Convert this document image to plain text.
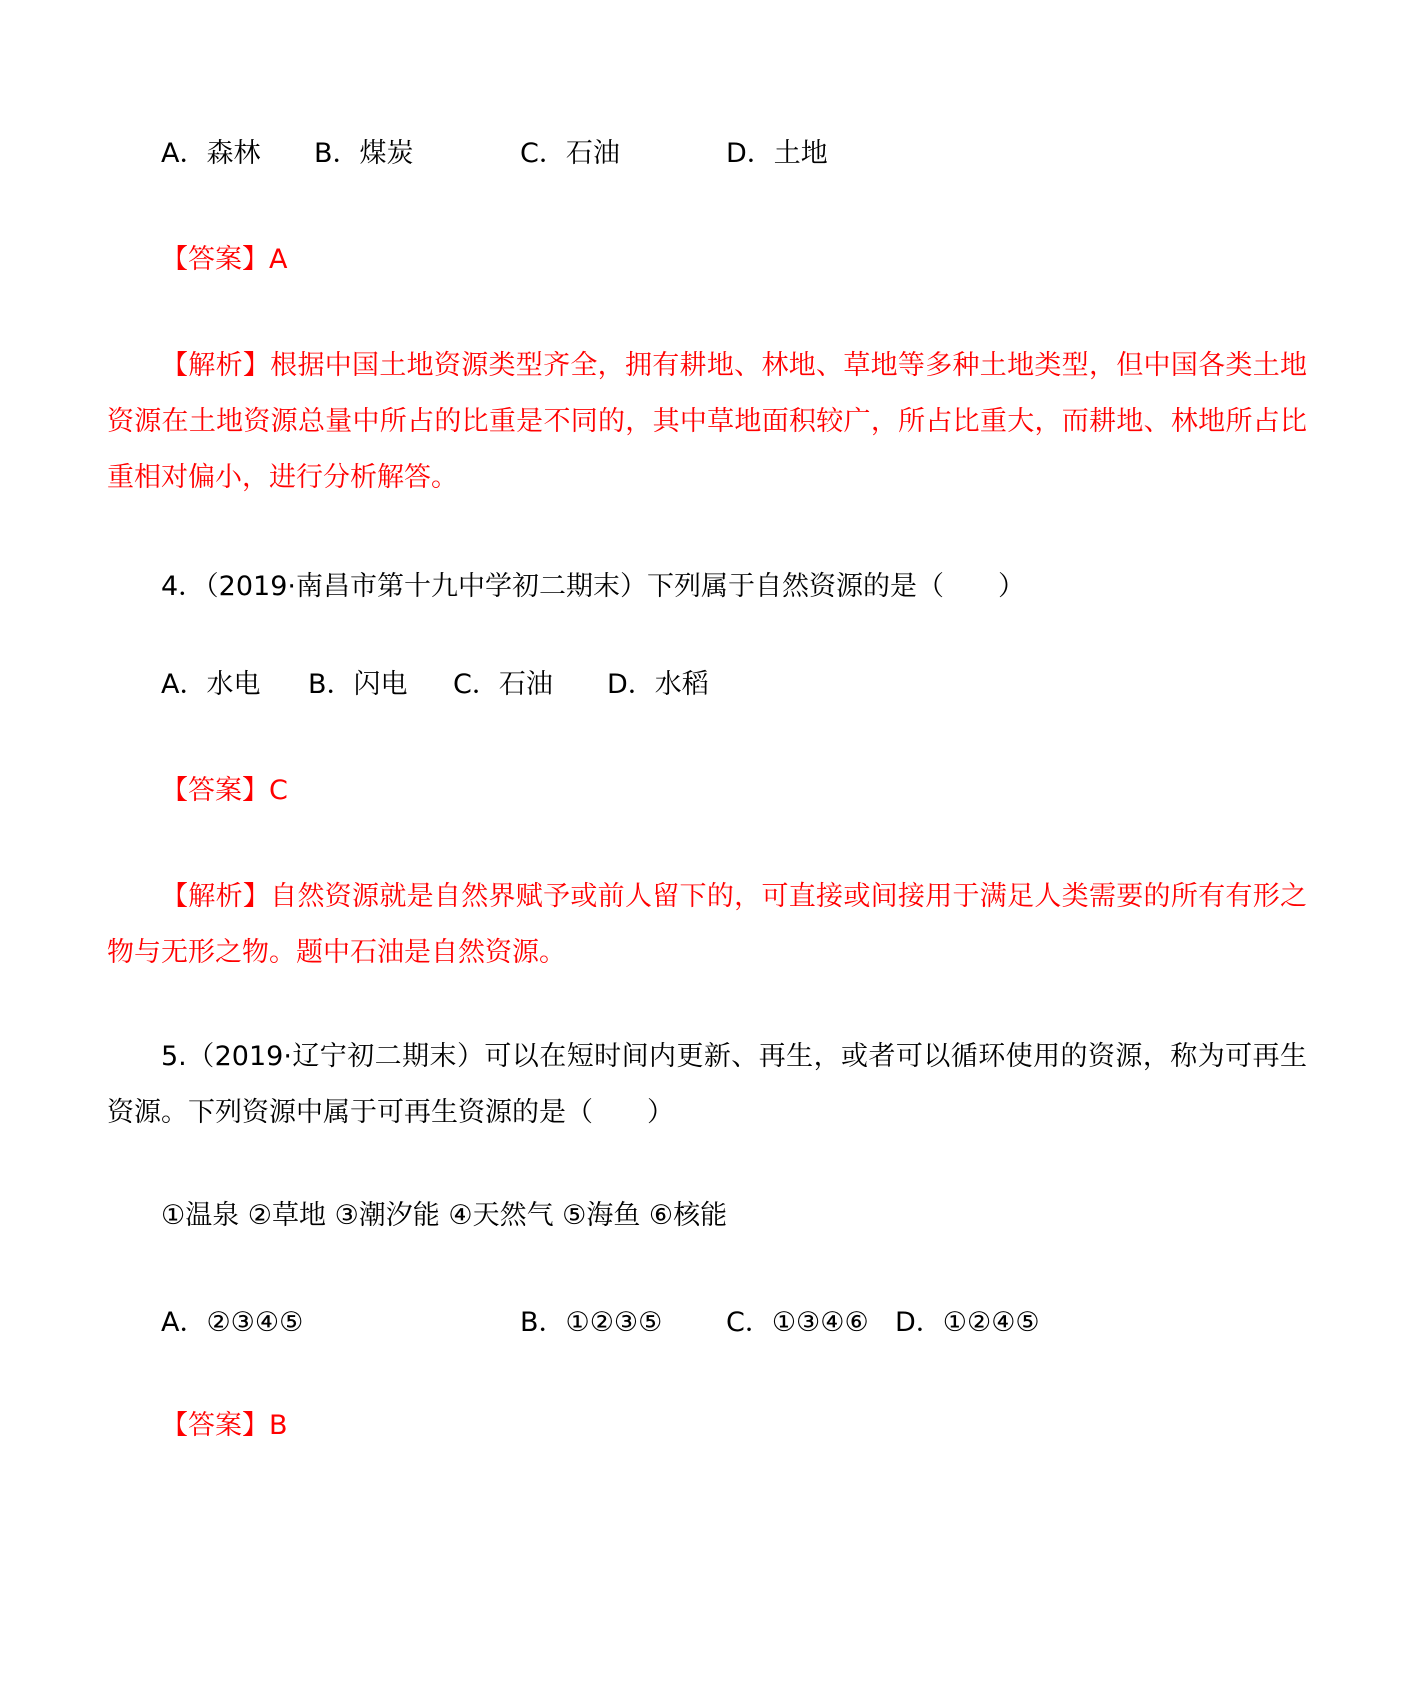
A．森林 B．煤炭	C．石油	D．土地
【答案】A
【解析】根据中国土地资源类型齐全，拥有耕地、林地、草地等多种土地类型，但中国各类土地资源在土地资源总量中所占的比重是不同的，其中草地面积较广，所占比重大，而耕地、林地所占比重相对偏小，进行分析解答。
4．（2019·南昌市第十九中学初二期末）下列属于自然资源的是（　　）
A．水电 B．闪电 C．石油 D．水稻
【答案】C
【解析】自然资源就是自然界赋予或前人留下的，可直接或间接用于满足人类需要的所有有形之物与无形之物。题中石油是自然资源。
5.（2019·辽宁初二期末）可以在短时间内更新、再生，或者可以循环使用的资源，称为可再生资源。下列资源中属于可再生资源的是（　　）
①温泉 ②草地 ③潮汐能 ④天然气 ⑤海鱼 ⑥核能
A．②③④⑤	B．①②③⑤ C．①③④⑥ D．①②④⑤
【答案】B
